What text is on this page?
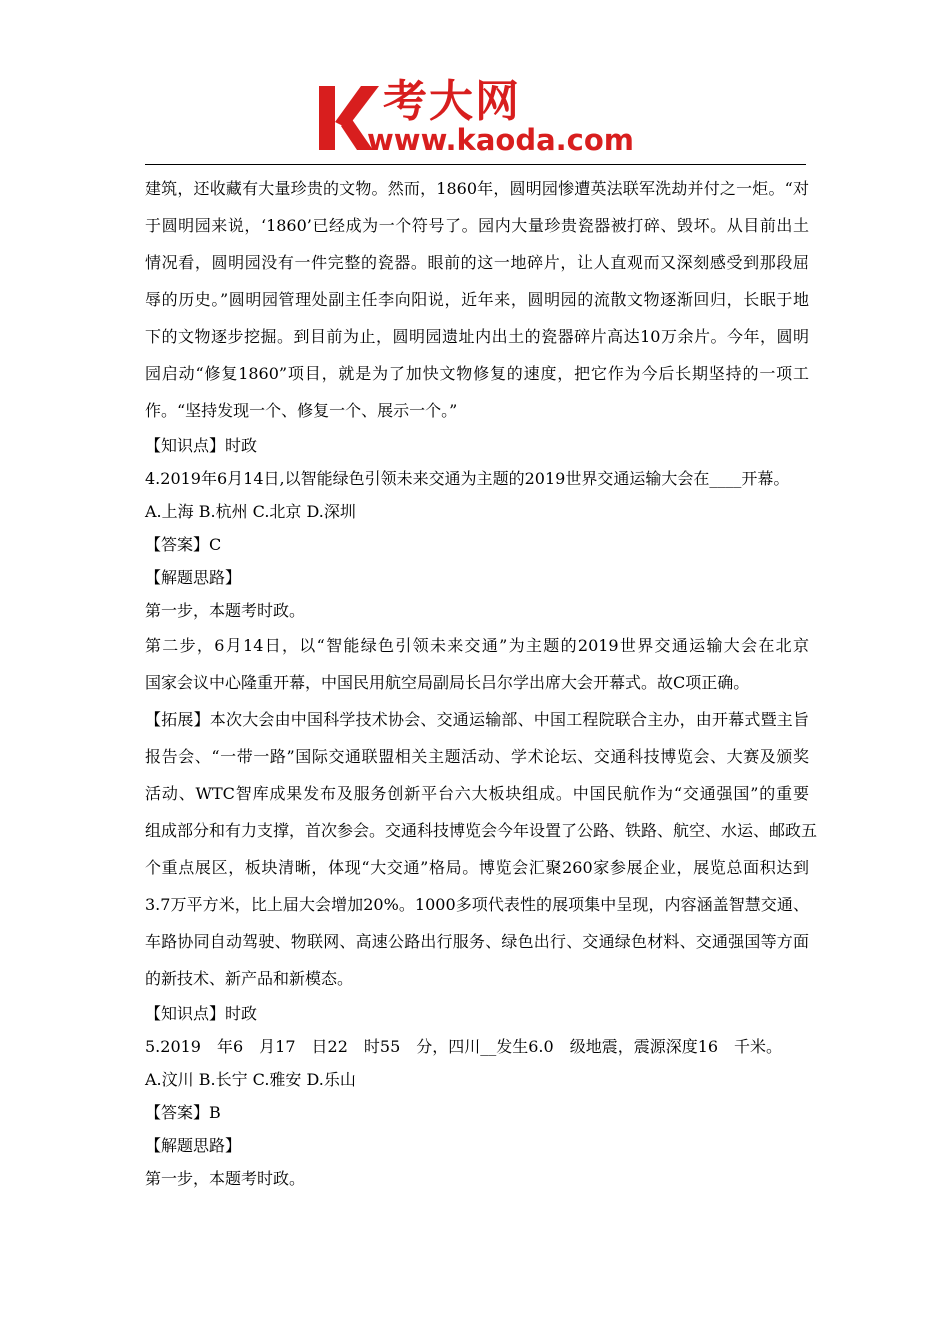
考大网
www.kaoda.com
建筑，还收藏有大量珍贵的文物。然而，1860年，圆明园惨遭英法联军洗劫并付之一炬。“对
于圆明园来说，‘1860’已经成为一个符号了。园内大量珍贵瓷器被打碎、毁坏。从目前出土
情况看，圆明园没有一件完整的瓷器。眼前的这一地碎片，让人直观而又深刻感受到那段屈
辱的历史。”圆明园管理处副主任李向阳说，近年来，圆明园的流散文物逐渐回归，长眠于地
下的文物逐步挖掘。到目前为止，圆明园遗址内出土的瓷器碎片高达10万余片。今年，圆明
园启动“修复1860”项目，就是为了加快文物修复的速度，把它作为今后长期坚持的一项工
作。“坚持发现一个、修复一个、展示一个。”
【知识点】时政
4.2019年6月14日,以智能绿色引领未来交通为主题的2019世界交通运输大会在____开幕。
A.上海 B.杭州 C.北京 D.深圳
【答案】C
【解题思路】
第一步，本题考时政。
第二步，6月14日，以“智能绿色引领未来交通”为主题的2019世界交通运输大会在北京
国家会议中心隆重开幕，中国民用航空局副局长吕尔学出席大会开幕式。故C项正确。
【拓展】本次大会由中国科学技术协会、交通运输部、中国工程院联合主办，由开幕式暨主旨
报告会、“一带一路”国际交通联盟相关主题活动、学术论坛、交通科技博览会、大赛及颁奖
活动、WTC智库成果发布及服务创新平台六大板块组成。中国民航作为“交通强国”的重要
组成部分和有力支撑，首次参会。交通科技博览会今年设置了公路、铁路、航空、水运、邮政五
个重点展区，板块清晰，体现“大交通”格局。博览会汇聚260家参展企业，展览总面积达到
3.7万平方米，比上届大会增加20%。1000多项代表性的展项集中呈现，内容涵盖智慧交通、
车路协同自动驾驶、物联网、高速公路出行服务、绿色出行、交通绿色材料、交通强国等方面
的新技术、新产品和新模态。
【知识点】时政
5.2019　年6　月17　日22　时55　分，四川__发生6.0　级地震，震源深度16　千米。
A.汶川 B.长宁 C.雅安 D.乐山
【答案】B
【解题思路】
第一步，本题考时政。
